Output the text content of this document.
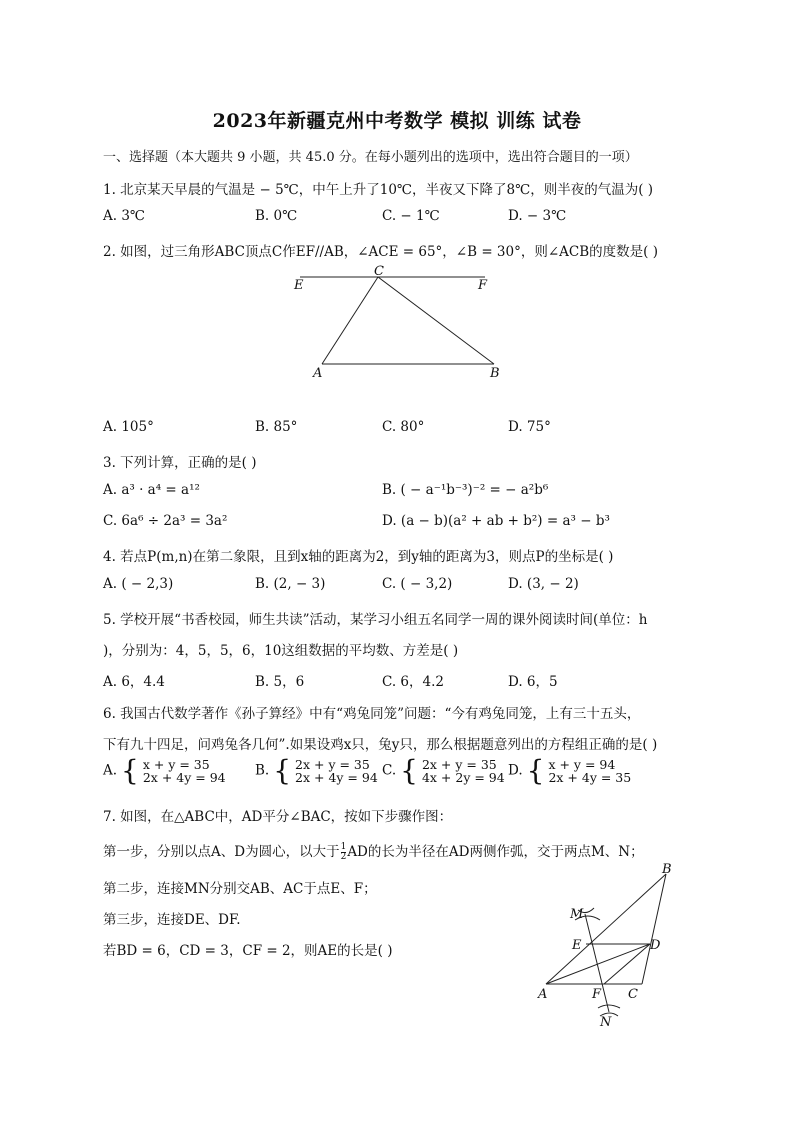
2023年新疆克州中考数学 模拟 训练 试卷
一、选择题（本大题共 9 小题，共 45.0 分。在每小题列出的选项中，选出符合题目的一项）
1. 北京某天早晨的气温是 − 5℃，中午上升了10℃，半夜又下降了8℃，则半夜的气温为( )
A. 3℃	B. 0℃	C. − 1℃	D. − 3℃
2. 如图，过三角形ABC顶点C作EF//AB，∠ACE = 65°，∠B = 30°，则∠ACB的度数是( )
C
E	F
A	B
A. 105°	B. 85°	C. 80°	D. 75°
3. 下列计算，正确的是( )
A. a³ · a⁴ = a¹²	B. ( − a⁻¹b⁻³)⁻² = − a²b⁶
C. 6a⁶ ÷ 2a³ = 3a²	D. (a − b)(a² + ab + b²) = a³ − b³
4. 若点P(m,n)在第二象限，且到x轴的距离为2，到y轴的距离为3，则点P的坐标是( )
A. ( − 2,3)	B. (2, − 3)	C. ( − 3,2)	D. (3, − 2)
5. 学校开展“书香校园，师生共读”活动，某学习小组五名同学一周的课外阅读时间(单位：h
)，分别为：4，5，5，6，10这组数据的平均数、方差是( )
A. 6，4.4	B. 5，6	C. 6，4.2	D. 6，5
6. 我国古代数学著作《孙子算经》中有“鸡兔同笼”问题：“今有鸡兔同笼，上有三十五头，
下有九十四足，问鸡兔各几何”.如果设鸡x只，兔y只，那么根据题意列出的方程组正确的是( )
A. { x + y = 35
2x + 4y = 94 B. { 2x + y = 35
2x + 4y = 94 C. { 2x + y = 35
4x + 2y = 94 D. { x + y = 94
2x + 4y = 35
7. 如图，在△ABC中，AD平分∠BAC，按如下步骤作图：
第一步，分别以点A、D为圆心，以大于 $\frac{1}{2}$ AD的长为半径在AD两侧作弧，交于两点M、N；
第二步，连接MN分别交AB、AC于点E、F；
第三步，连接DE、DF.
若BD = 6，CD = 3，CF = 2，则AE的长是( )
B
M
E	D
A	F C
N
